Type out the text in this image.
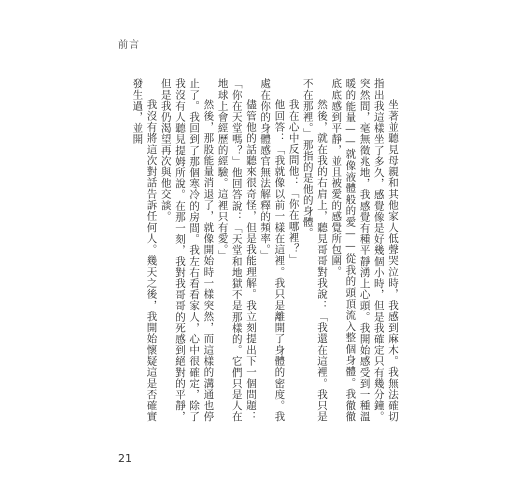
前言

坐著並聽見母親和其他家人低聲哭泣時，我感到麻木。我無法確切指出我這樣坐了多久，感覺像是好幾個小時，但是我確定只有幾分鐘。突然間，毫無徵兆地，我感覺有種平靜湧上心頭。我開始感受到一種溫暖的能量——就像液體般的愛——從我的頭頂流入整個身體。我徹徹底底感到平靜，並且被愛的感覺所包圍。

然後，就在我的右肩上，聽見哥哥對我說：「我還在這裡。我只是不在那裡。」那指的是他的身體。

我在心中反問他：「你在哪裡？」

他回答：「我就像以前一樣在這裡。我只是離開了身體的密度。我處在你的身體感官無法解釋的頻率。」

儘管他的話聽來很奇怪，但是我能理解。我立刻提出下一個問題：「你在天堂嗎？」他回答說：「天堂和地獄不是那樣的。它們只是人在地球上會經歷的經驗。這裡只有愛。」

然後，那股能量消退了，就像開始時一樣突然，而這樣的溝通也停止了。我回到了那個寒冷的房間。我左右看看家人，心中很確定，除了我沒有人聽見提姆所說。在那一刻，我對我哥哥的死感到絕對的平靜，但是我仍渴望再次與他交談。

我沒有將這次對話告訴任何人。幾天之後，我開始懷疑這是否確實發生過，並開

21
